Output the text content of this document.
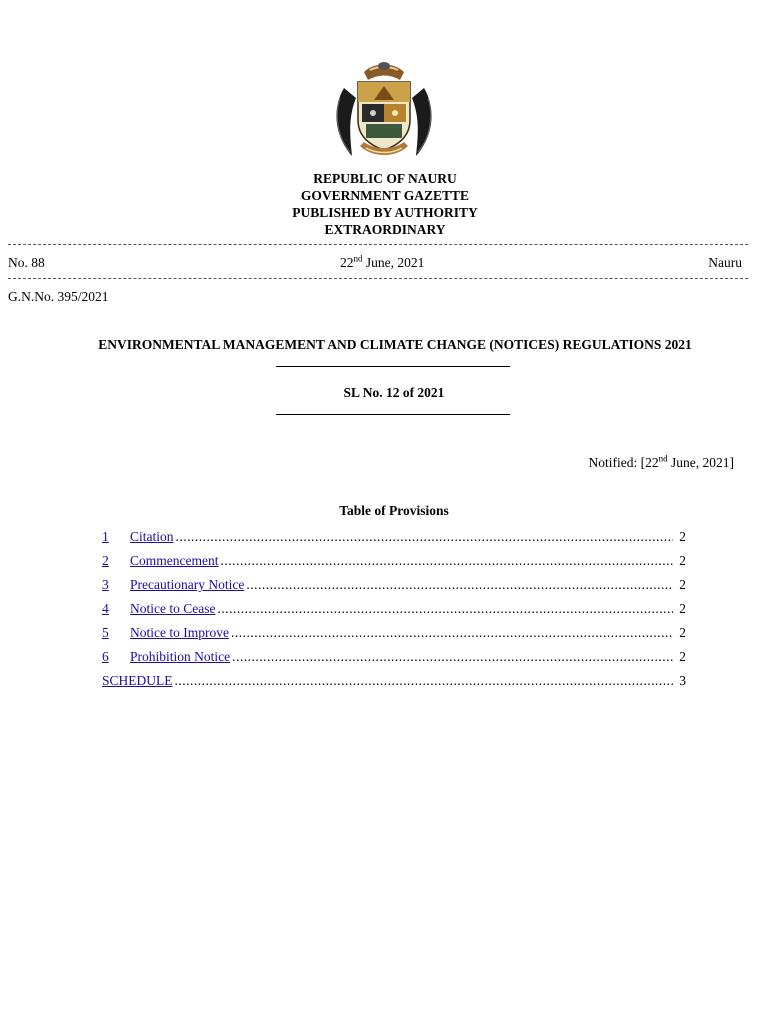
REPUBLIC OF NAURU
GOVERNMENT GAZETTE
PUBLISHED BY AUTHORITY
EXTRAORDINARY
No. 88	22nd June, 2021	Nauru
G.N.No. 395/2021
ENVIRONMENTAL MANAGEMENT AND CLIMATE CHANGE (NOTICES) REGULATIONS 2021
SL No. 12 of 2021
Notified: [22nd June, 2021]
Table of Provisions
1	Citation .....	2
2	Commencement .....	2
3	Precautionary Notice .....	2
4	Notice to Cease .....	2
5	Notice to Improve .....	2
6	Prohibition Notice .....	2
SCHEDULE .....	3
